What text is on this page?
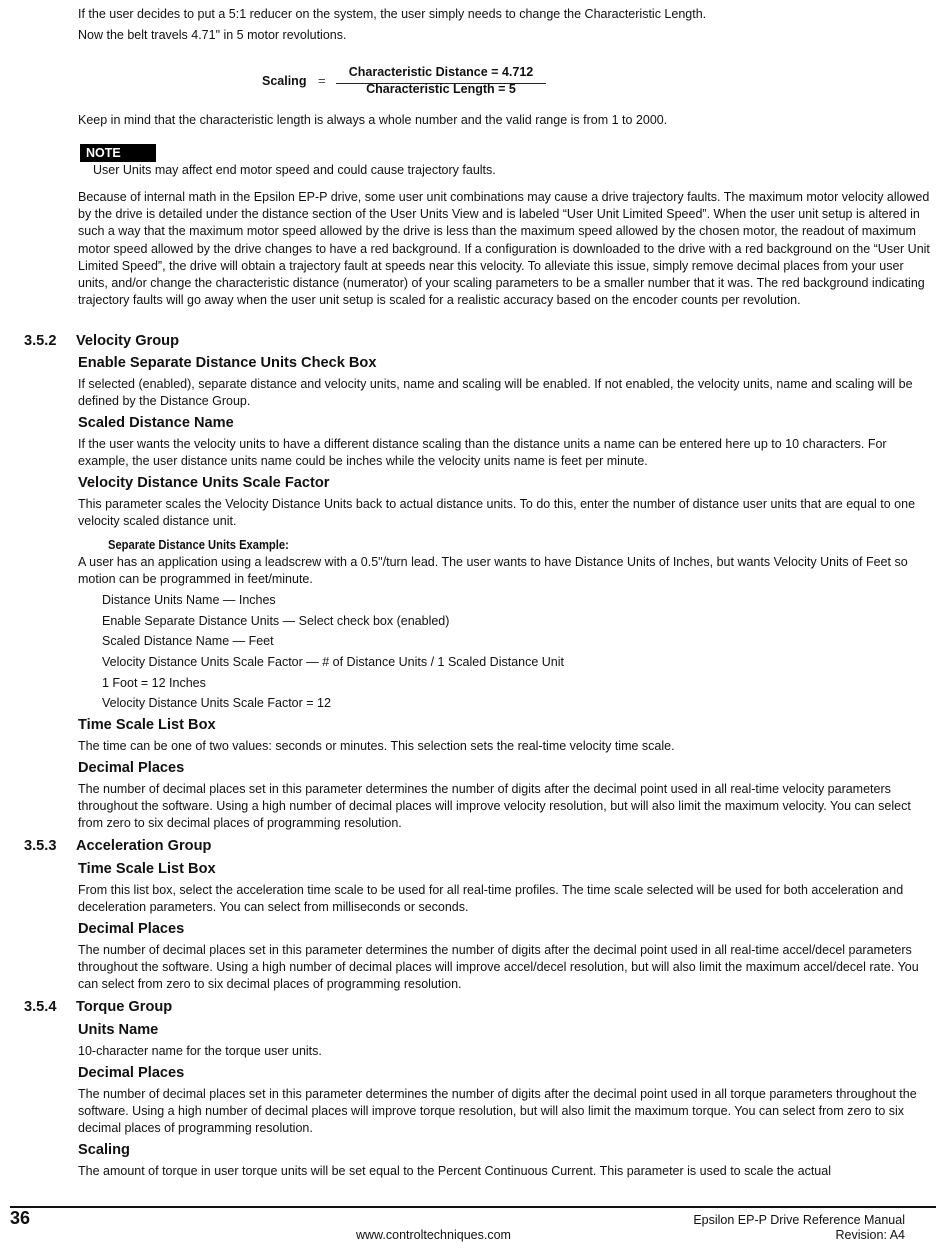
If the user decides to put a 5:1 reducer on the system, the user simply needs to change the Characteristic Length.

Now the belt travels 4.71" in 5 motor revolutions.

Scaling =
Characteristic Distance = 4.712
Characteristic Length = 5

Keep in mind that the characteristic length is always a whole number and the valid range is from 1 to 2000.

NOTE

User Units may affect end motor speed and could cause trajectory faults.

Because of internal math in the Epsilon EP-P drive, some user unit combinations may cause a drive trajectory faults. The maximum motor velocity allowed by the drive is detailed under the distance section of the User Units View and is labeled “User Unit Limited Speed”. When the user unit setup is altered in such a way that the maximum motor speed allowed by the drive is less than the maximum speed allowed by the chosen motor, the readout of maximum motor speed allowed by the drive changes to have a red background. If a configuration is downloaded to the drive with a red background on the “User Unit Limited Speed”, the drive will obtain a trajectory fault at speeds near this velocity. To alleviate this issue, simply remove decimal places from your user units, and/or change the characteristic distance (numerator) of your scaling parameters to be a smaller number that it was. The red background indicating trajectory faults will go away when the user unit setup is scaled for a realistic accuracy based on the encoder counts per revolution.

3.5.2 Velocity Group
Enable Separate Distance Units Check Box

If selected (enabled), separate distance and velocity units, name and scaling will be enabled. If not enabled, the velocity units, name and scaling will be defined by the Distance Group.

Scaled Distance Name

If the user wants the velocity units to have a different distance scaling than the distance units a name can be entered here up to 10 characters. For example, the user distance units name could be inches while the velocity units name is feet per minute.

Velocity Distance Units Scale Factor

This parameter scales the Velocity Distance Units back to actual distance units. To do this, enter the number of distance user units that are equal to one velocity scaled distance unit.

Separate Distance Units Example:

A user has an application using a leadscrew with a 0.5"/turn lead. The user wants to have Distance Units of Inches, but wants Velocity Units of Feet so motion can be programmed in feet/minute.

Distance Units Name — Inches

Enable Separate Distance Units — Select check box (enabled)

Scaled Distance Name — Feet

Velocity Distance Units Scale Factor — # of Distance Units / 1 Scaled Distance Unit

1 Foot = 12 Inches

Velocity Distance Units Scale Factor = 12

Time Scale List Box

The time can be one of two values: seconds or minutes. This selection sets the real-time velocity time scale.

Decimal Places

The number of decimal places set in this parameter determines the number of digits after the decimal point used in all real-time velocity parameters throughout the software. Using a high number of decimal places will improve velocity resolution, but will also limit the maximum velocity. You can select from zero to six decimal places of programming resolution.

3.5.3 Acceleration Group
Time Scale List Box

From this list box, select the acceleration time scale to be used for all real-time profiles. The time scale selected will be used for both acceleration and deceleration parameters. You can select from milliseconds or seconds.

Decimal Places

The number of decimal places set in this parameter determines the number of digits after the decimal point used in all real-time accel/decel parameters throughout the software. Using a high number of decimal places will improve accel/decel resolution, but will also limit the maximum accel/decel rate. You can select from zero to six decimal places of programming resolution.

3.5.4 Torque Group
Units Name

10-character name for the torque user units.

Decimal Places

The number of decimal places set in this parameter determines the number of digits after the decimal point used in all torque parameters throughout the software. Using a high number of decimal places will improve torque resolution, but will also limit the maximum torque. You can select from zero to six decimal places of programming resolution.

Scaling

The amount of torque in user torque units will be set equal to the Percent Continuous Current. This parameter is used to scale the actual

36	Epsilon EP-P Drive Reference Manual
www.controltechniques.com	Revision: A4
